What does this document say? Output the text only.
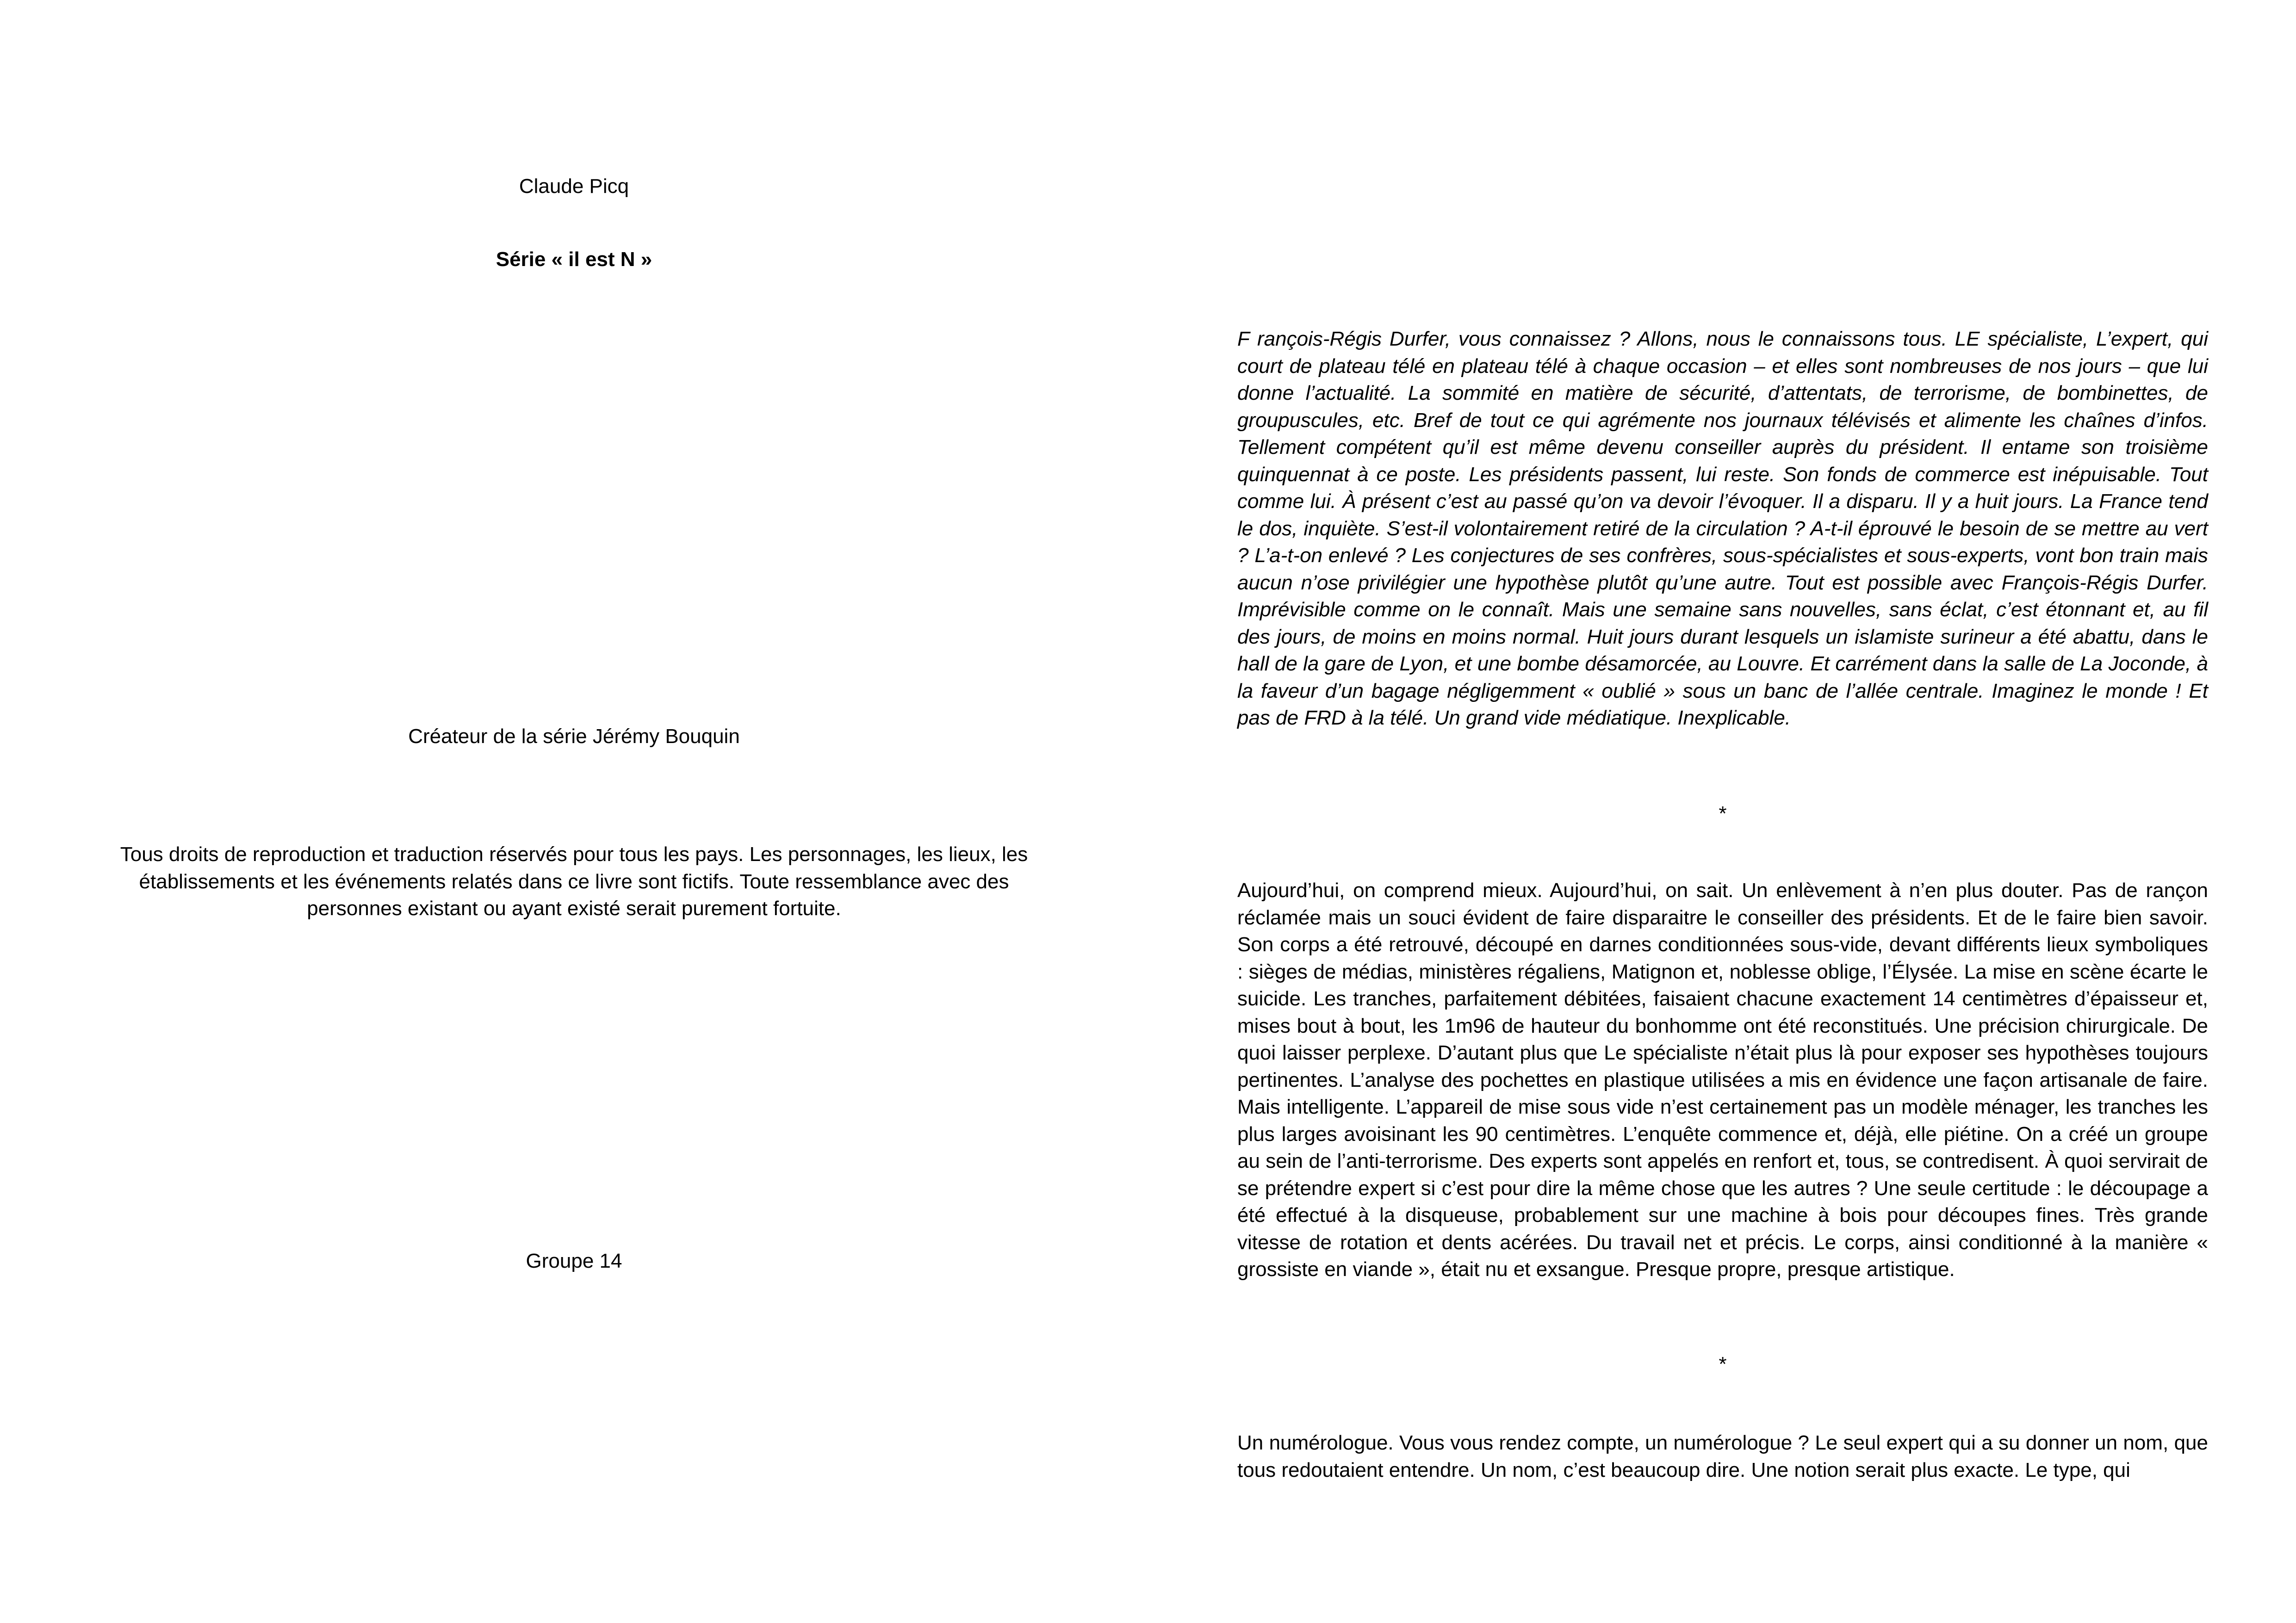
Claude Picq
Série « il est N »
Créateur de la série Jérémy Bouquin
Tous droits de reproduction et traduction réservés pour tous les pays. Les personnages, les lieux, les établissements et les événements relatés dans ce livre sont fictifs. Toute ressemblance avec des personnes existant ou ayant existé serait purement fortuite.
Groupe 14

F rançois-Régis Durfer, vous connaissez ? Allons, nous le connaissons tous. LE spécialiste, L’expert, qui court de plateau télé en plateau télé à chaque occasion – et elles sont nombreuses de nos jours – que lui donne l’actualité. La sommité en matière de sécurité, d’attentats, de terrorisme, de bombinettes, de groupuscules, etc. Bref de tout ce qui agrémente nos journaux télévisés et alimente les chaînes d’infos. Tellement compétent qu’il est même devenu conseiller auprès du président. Il entame son troisième quinquennat à ce poste. Les présidents passent, lui reste. Son fonds de commerce est inépuisable. Tout comme lui. À présent c’est au passé qu’on va devoir l’évoquer. Il a disparu. Il y a huit jours. La France tend le dos, inquiète. S’est-il volontairement retiré de la circulation ? A-t-il éprouvé le besoin de se mettre au vert ? L’a-t-on enlevé ? Les conjectures de ses confrères, sous-spécialistes et sous-experts, vont bon train mais aucun n’ose privilégier une hypothèse plutôt qu’une autre. Tout est possible avec François-Régis Durfer. Imprévisible comme on le connaît. Mais une semaine sans nouvelles, sans éclat, c’est étonnant et, au fil des jours, de moins en moins normal. Huit jours durant lesquels un islamiste surineur a été abattu, dans le hall de la gare de Lyon, et une bombe désamorcée, au Louvre. Et carrément dans la salle de La Joconde, à la faveur d’un bagage négligemment « oublié » sous un banc de l’allée centrale. Imaginez le monde ! Et pas de FRD à la télé. Un grand vide médiatique. Inexplicable.

*

Aujourd’hui, on comprend mieux. Aujourd’hui, on sait. Un enlèvement à n’en plus douter. Pas de rançon réclamée mais un souci évident de faire disparaitre le conseiller des présidents. Et de le faire bien savoir. Son corps a été retrouvé, découpé en darnes conditionnées sous-vide, devant différents lieux symboliques : sièges de médias, ministères régaliens, Matignon et, noblesse oblige, l’Élysée. La mise en scène écarte le suicide. Les tranches, parfaitement débitées, faisaient chacune exactement 14 centimètres d’épaisseur et, mises bout à bout, les 1m96 de hauteur du bonhomme ont été reconstitués. Une précision chirurgicale. De quoi laisser perplexe. D’autant plus que Le spécialiste n’était plus là pour exposer ses hypothèses toujours pertinentes. L’analyse des pochettes en plastique utilisées a mis en évidence une façon artisanale de faire. Mais intelligente. L’appareil de mise sous vide n’est certainement pas un modèle ménager, les tranches les plus larges avoisinant les 90 centimètres. L’enquête commence et, déjà, elle piétine. On a créé un groupe au sein de l’anti-terrorisme. Des experts sont appelés en renfort et, tous, se contredisent. À quoi servirait de se prétendre expert si c’est pour dire la même chose que les autres ? Une seule certitude : le découpage a été effectué à la disqueuse, probablement sur une machine à bois pour découpes fines. Très grande vitesse de rotation et dents acérées. Du travail net et précis. Le corps, ainsi conditionné à la manière « grossiste en viande », était nu et exsangue. Presque propre, presque artistique.

*

Un numérologue. Vous vous rendez compte, un numérologue ? Le seul expert qui a su donner un nom, que tous redoutaient entendre. Un nom, c’est beaucoup dire. Une notion serait plus exacte. Le type, qui
